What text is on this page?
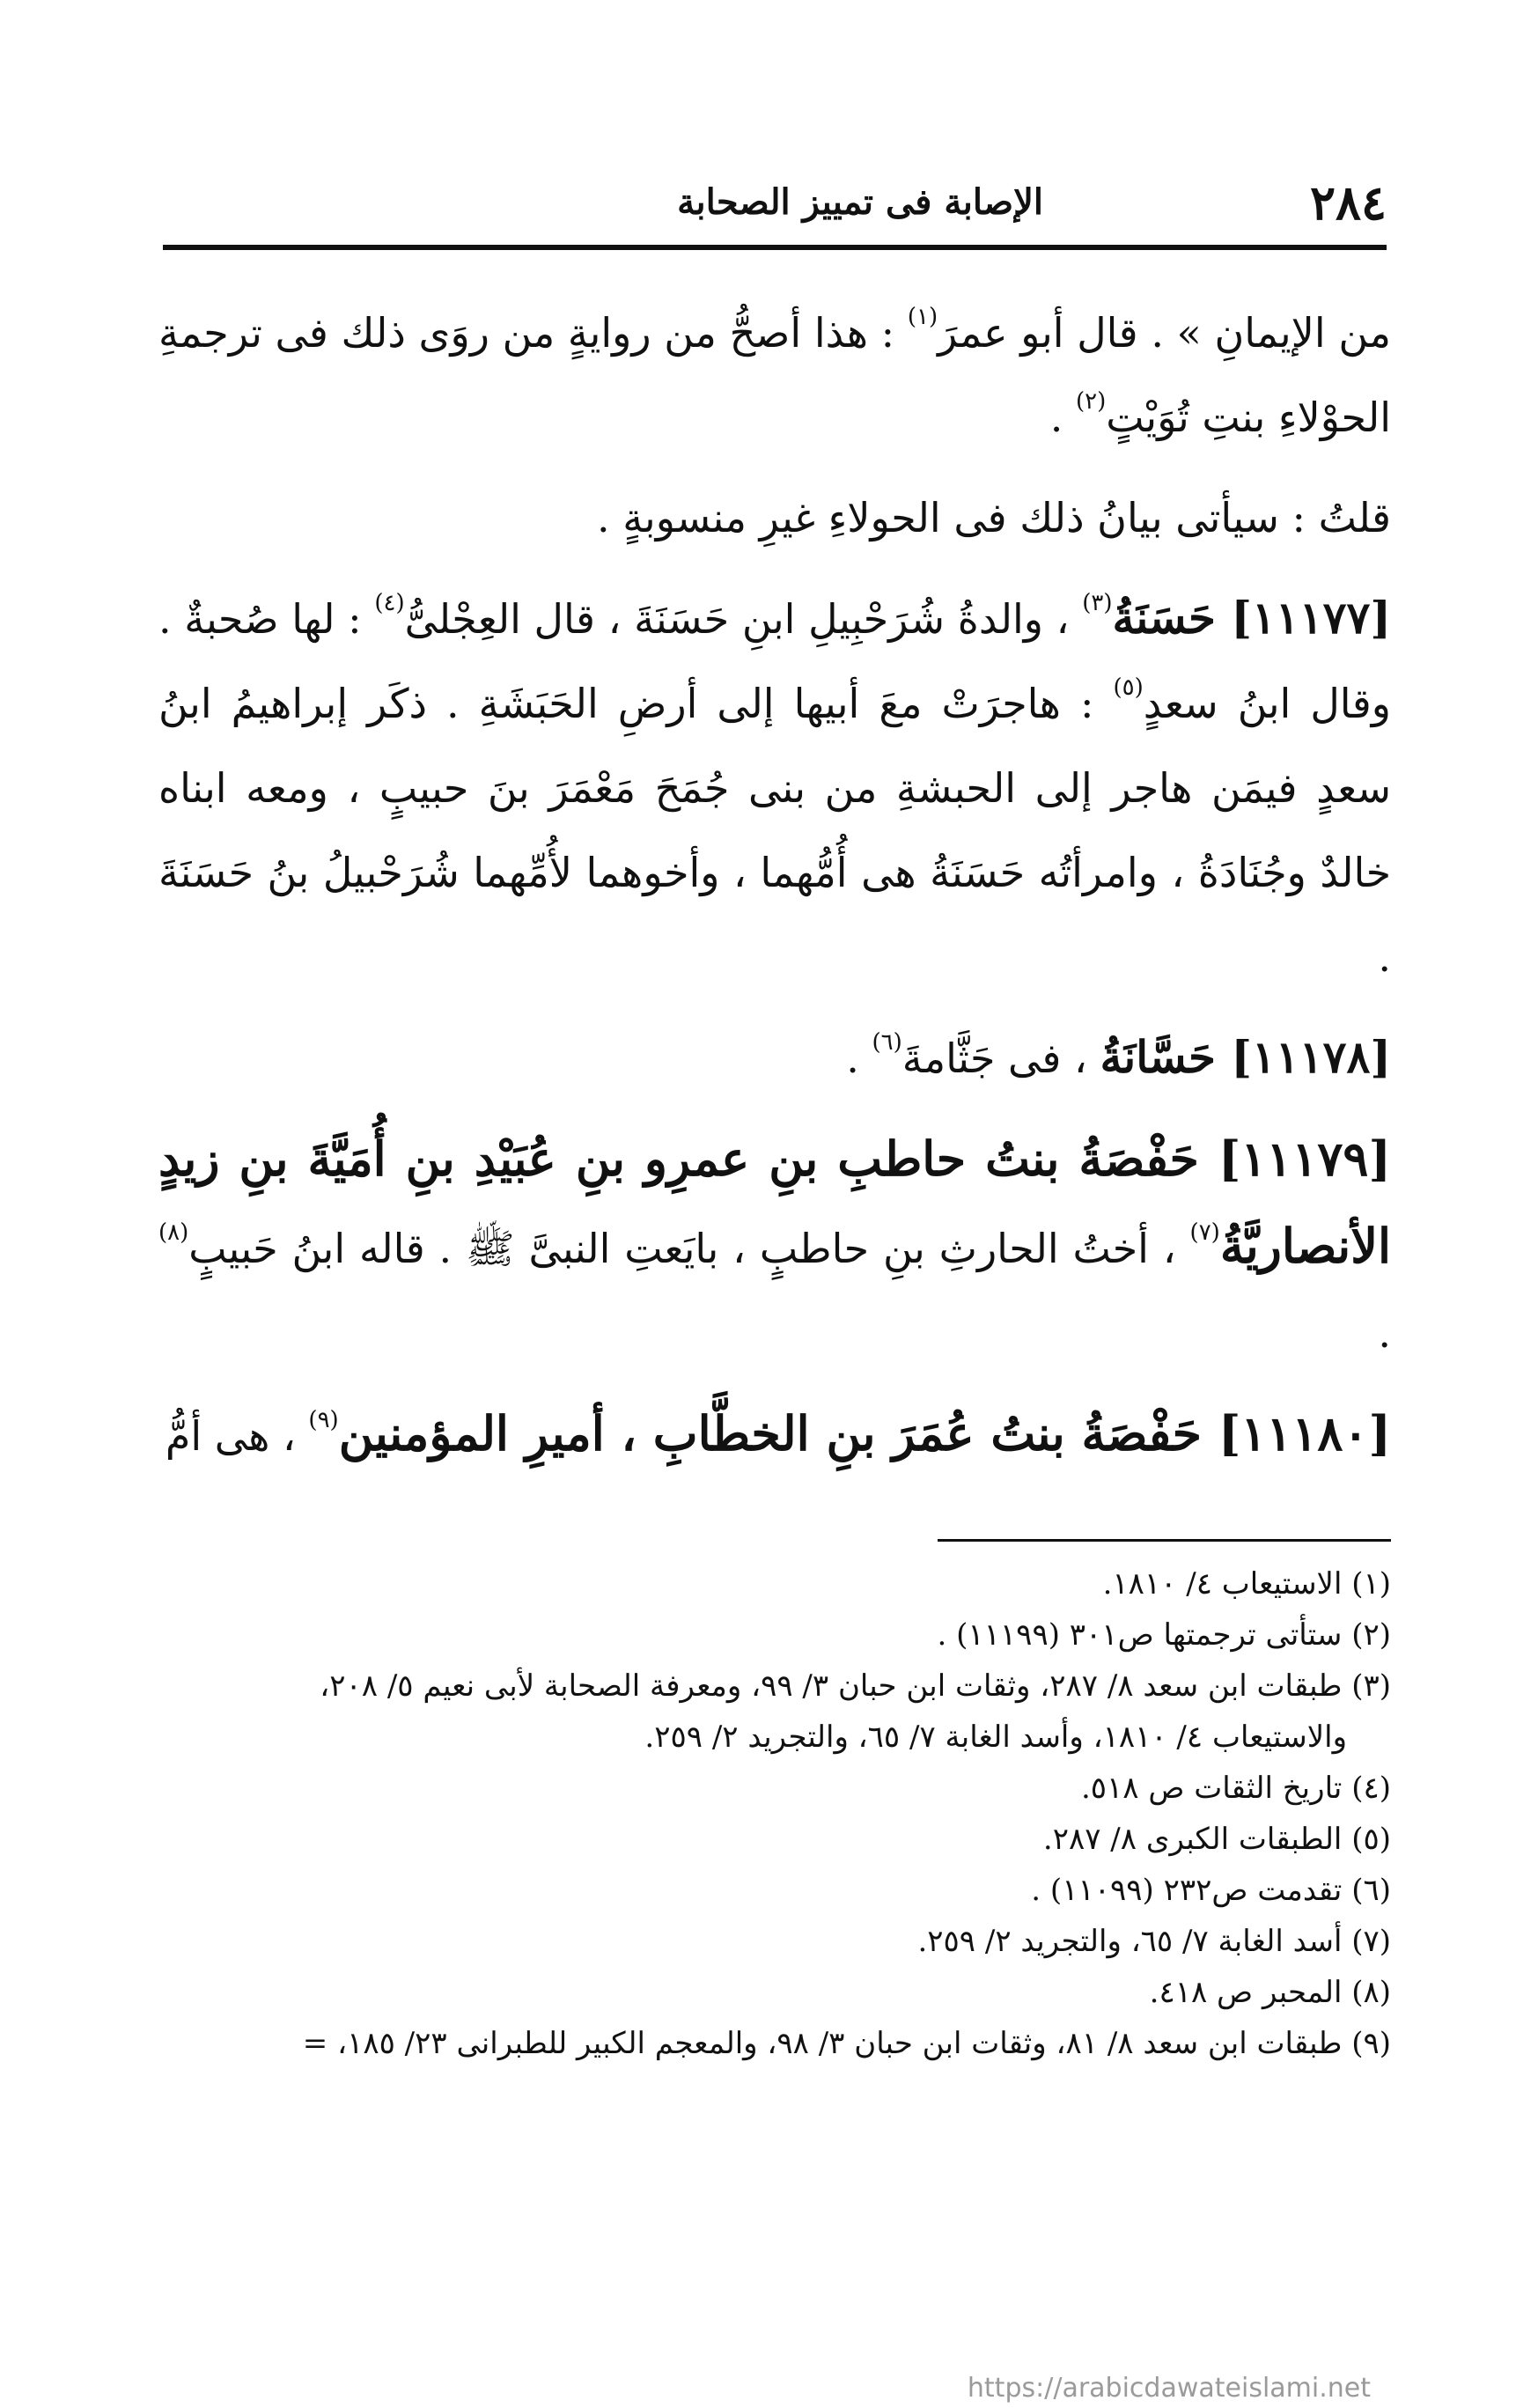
٢٨٤
الإصابة فى تمييز الصحابة

من الإيمانِ » . قال أبو عمرَ$^{(١)}$ : هذا أصحُّ من روايةٍ من روَى ذلك فى ترجمةِ الحوْلاءِ بنتِ تُوَيْتٍ$^{(٢)}$ .

قلتُ : سيأتى بيانُ ذلك فى الحولاءِ غيرِ منسوبةٍ .

[١١١٧٧] حَسَنَةُ$^{(٣)}$ ، والدةُ شُرَحْبِيلِ ابنِ حَسَنَةَ ، قال العِجْلىُّ$^{(٤)}$ : لها صُحبةٌ . وقال ابنُ سعدٍ$^{(٥)}$ : هاجرَتْ معَ أبيها إلى أرضِ الحَبَشَةِ . ذكَر إبراهيمُ ابنُ سعدٍ فيمَن هاجر إلى الحبشةِ من بنى جُمَحَ مَعْمَرَ بنَ حبيبٍ ، ومعه ابناه خالدٌ وجُنَادَةُ ، وامرأتُه حَسَنَةُ هى أُمُّهما ، وأخوهما لأُمِّهما شُرَحْبيلُ بنُ حَسَنَةَ .

[١١١٧٨] حَسَّانَةُ ، فى جَثَّامةَ$^{(٦)}$ .

[١١١٧٩] حَفْصَةُ بنتُ حاطبِ بنِ عمرِو بنِ عُبَيْدِ بنِ أُمَيَّةَ بنِ زيدٍ الأنصاريَّةُ$^{(٧)}$ ، أختُ الحارثِ بنِ حاطبٍ ، بايَعتِ النبىَّ ﷺ . قاله ابنُ حَبيبٍ$^{(٨)}$ .

[١١١٨٠] حَفْصَةُ بنتُ عُمَرَ بنِ الخطَّابِ ، أميرِ المؤمنين$^{(٩)}$ ، هى أمُّ

(١) الاستيعاب ٤/ ١٨١٠.

(٢) ستأتى ترجمتها ص٣٠١ (١١١٩٩) .

(٣) طبقات ابن سعد ٨/ ٢٨٧، وثقات ابن حبان ٣/ ٩٩، ومعرفة الصحابة لأبى نعيم ٥/ ٢٠٨،

والاستيعاب ٤/ ١٨١٠، وأسد الغابة ٧/ ٦٥، والتجريد ٢/ ٢٥٩.

(٤) تاريخ الثقات ص ٥١٨.

(٥) الطبقات الكبرى ٨/ ٢٨٧.

(٦) تقدمت ص٢٣٢ (١١٠٩٩) .

(٧) أسد الغابة ٧/ ٦٥، والتجريد ٢/ ٢٥٩.

(٨) المحبر ص ٤١٨.

(٩) طبقات ابن سعد ٨/ ٨١، وثقات ابن حبان ٣/ ٩٨، والمعجم الكبير للطبرانى ٢٣/ ١٨٥، =

https://arabicdawateislami.net
